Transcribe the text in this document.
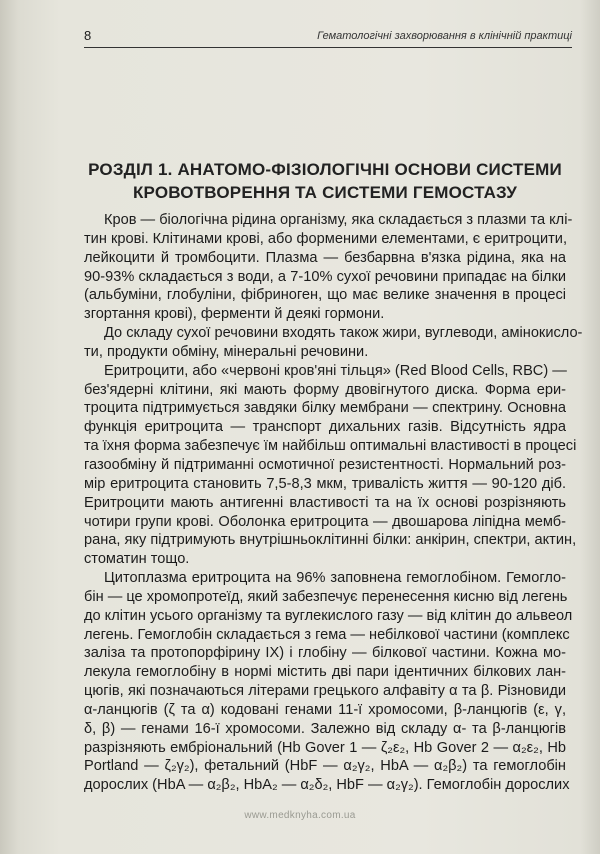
8	Гематологічні захворювання в клінічній практиці
РОЗДІЛ 1. АНАТОМО-ФІЗІОЛОГІЧНІ ОСНОВИ СИСТЕМИ
КРОВОТВОРЕННЯ ТА СИСТЕМИ ГЕМОСТАЗУ
Кров — біологічна рідина організму, яка складається з плазми та клі-
тин крові. Клітинами крові, або форменими елементами, є еритроцити,
лейкоцити й тромбоцити. Плазма — безбарвна в'язка рідина, яка на
90-93% складається з води, а 7-10% сухої речовини припадає на білки
(альбуміни, глобуліни, фібриноген, що має велике значення в процесі
згортання крові), ферменти й деякі гормони.
До складу сухої речовини входять також жири, вуглеводи, амінокисло-
ти, продукти обміну, мінеральні речовини.
Еритроцити, або «червоні кров'яні тільця» (Red Blood Cells, RBC) —
без'ядерні клітини, які мають форму двовігнутого диска. Форма ери-
троцита підтримується завдяки білку мембрани — спектрину. Основна
функція еритроцита — транспорт дихальних газів. Відсутність ядра
та їхня форма забезпечує їм найбільш оптимальні властивості в процесі
газообміну й підтриманні осмотичної резистентності. Нормальний роз-
мір еритроцита становить 7,5-8,3 мкм, тривалість життя — 90-120 діб.
Еритроцити мають антигенні властивості та на їх основі розрізняють
чотири групи крові. Оболонка еритроцита — двошарова ліпідна мемб-
рана, яку підтримують внутрішньоклітинні білки: анкірин, спектри, актин,
стоматин тощо.
Цитоплазма еритроцита на 96% заповнена гемоглобіном. Гемогло-
бін — це хромопротеїд, який забезпечує перенесення кисню від легень
до клітин усього організму та вуглекислого газу — від клітин до альвеол
легень. Гемоглобін складається з гема — небілкової частини (комплекс
заліза та протопорфірину IX) і глобіну — білкової частини. Кожна мо-
лекула гемоглобіну в нормі містить дві пари ідентичних білкових лан-
цюгів, які позначаються літерами грецького алфавіту α та β. Різновиди
α-ланцюгів (ζ та α) кодовані генами 11-ї хромосоми, β-ланцюгів (ε, γ,
δ, β) — генами 16-ї хромосоми. Залежно від складу α- та β-ланцюгів
разрізняють ембріональний (Hb Gover 1 — ζ₂ε₂, Hb Gover 2 — α₂ε₂, Hb
Portland — ζ₂γ₂), фетальний (HbF — α₂γ₂, HbA — α₂β₂) та гемоглобін
дорослих (HbA — α₂β₂, HbA₂ — α₂δ₂, HbF — α₂γ₂). Гемоглобін дорослих
www.medknyha.com.ua
